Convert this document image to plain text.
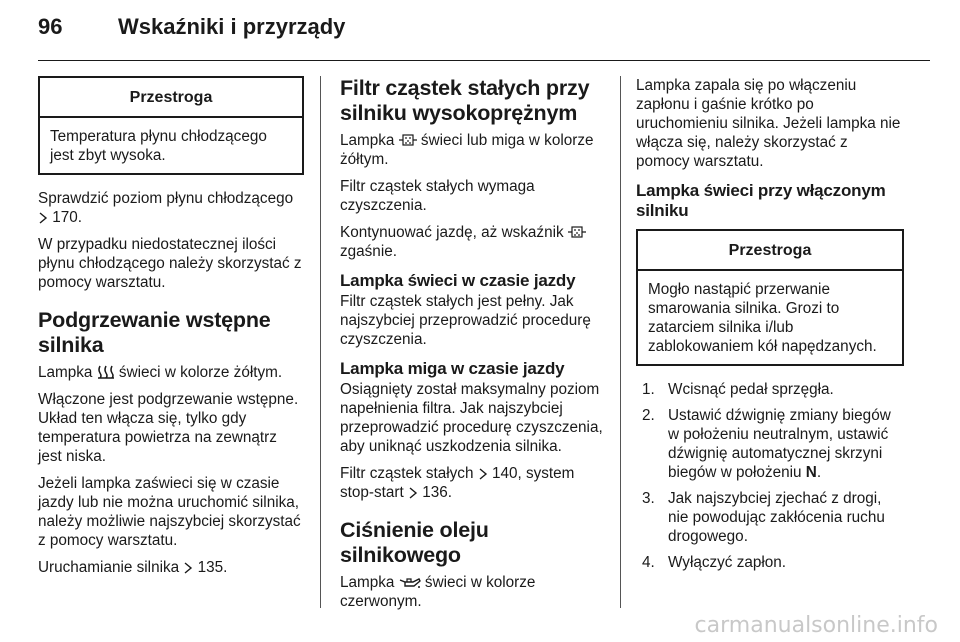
96	Wskaźniki i przyrządy
Przestroga
Temperatura płynu chłodzącego jest zbyt wysoka.

Sprawdzić poziom płynu chłodzącego  170.

W przypadku niedostatecznej ilości płynu chłodzącego należy skorzystać z pomocy warsztatu.

Podgrzewanie wstępne silnika

Lampka świeci w kolorze żółtym.

Włączone jest podgrzewanie wstępne. Układ ten włącza się, tylko gdy temperatura powietrza na zewnątrz jest niska.

Jeżeli lampka zaświeci się w czasie jazdy lub nie można uruchomić silnika, należy możliwie najszybciej skorzystać z pomocy warsztatu.

Uruchamianie silnika 135.

Filtr cząstek stałych przy silniku wysokoprężnym

Lampka świeci lub miga w kolorze żółtym.

Filtr cząstek stałych wymaga czyszczenia.

Kontynuować jazdę, aż wskaźnik  zgaśnie.

Lampka świeci w czasie jazdy

Filtr cząstek stałych jest pełny. Jak najszybciej przeprowadzić procedurę czyszczenia.

Lampka miga w czasie jazdy

Osiągnięty został maksymalny poziom napełnienia filtra. Jak najszybciej przeprowadzić procedurę czyszczenia, aby uniknąć uszkodzenia silnika.

Filtr cząstek stałych 140, system stop-start 136.

Ciśnienie oleju silnikowego

Lampka świeci w kolorze czerwonym.

Lampka zapala się po włączeniu zapłonu i gaśnie krótko po uruchomieniu silnika. Jeżeli lampka nie włącza się, należy skorzystać z pomocy warsztatu.

Lampka świeci przy włączonym silniku
Przestroga
Mogło nastąpić przerwanie smarowania silnika. Grozi to zatarciem silnika i/lub zablokowaniem kół napędzanych.
1. Wcisnąć pedał sprzęgła.
2. Ustawić dźwignię zmiany biegów w położeniu neutralnym, ustawić dźwignię automatycznej skrzyni biegów w położeniu N.
3. Jak najszybciej zjechać z drogi, nie powodując zakłócenia ruchu drogowego.
4. Wyłączyć zapłon.
carmanualsonline.info
